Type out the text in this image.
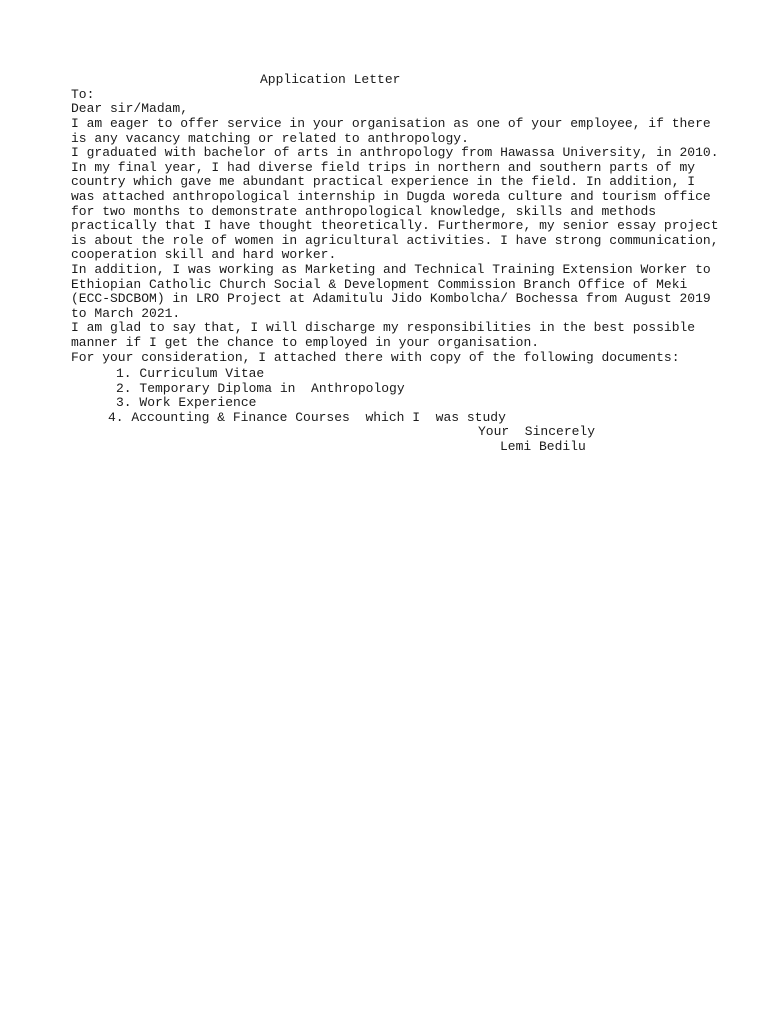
Application Letter
To:
Dear sir/Madam,
I am eager to offer service in your organisation as one of your employee, if there
is any vacancy matching or related to anthropology.
I graduated with bachelor of arts in anthropology from Hawassa University, in 2010.
In my final year, I had diverse field trips in northern and southern parts of my
country which gave me abundant practical experience in the field. In addition, I
was attached anthropological internship in Dugda woreda culture and tourism office
for two months to demonstrate anthropological knowledge, skills and methods
practically that I have thought theoretically. Furthermore, my senior essay project
is about the role of women in agricultural activities. I have strong communication,
cooperation skill and hard worker.
In addition, I was working as Marketing and Technical Training Extension Worker to
Ethiopian Catholic Church Social & Development Commission Branch Office of Meki
(ECC-SDCBOM) in LRO Project at Adamitulu Jido Kombolcha/ Bochessa from August 2019
to March 2021.
I am glad to say that, I will discharge my responsibilities in the best possible
manner if I get the chance to employed in your organisation.
For your consideration, I attached there with copy of the following documents:
1. Curriculum Vitae
2. Temporary Diploma in  Anthropology
3. Work Experience
4. Accounting & Finance Courses  which I  was study
Your  Sincerely
Lemi Bedilu
